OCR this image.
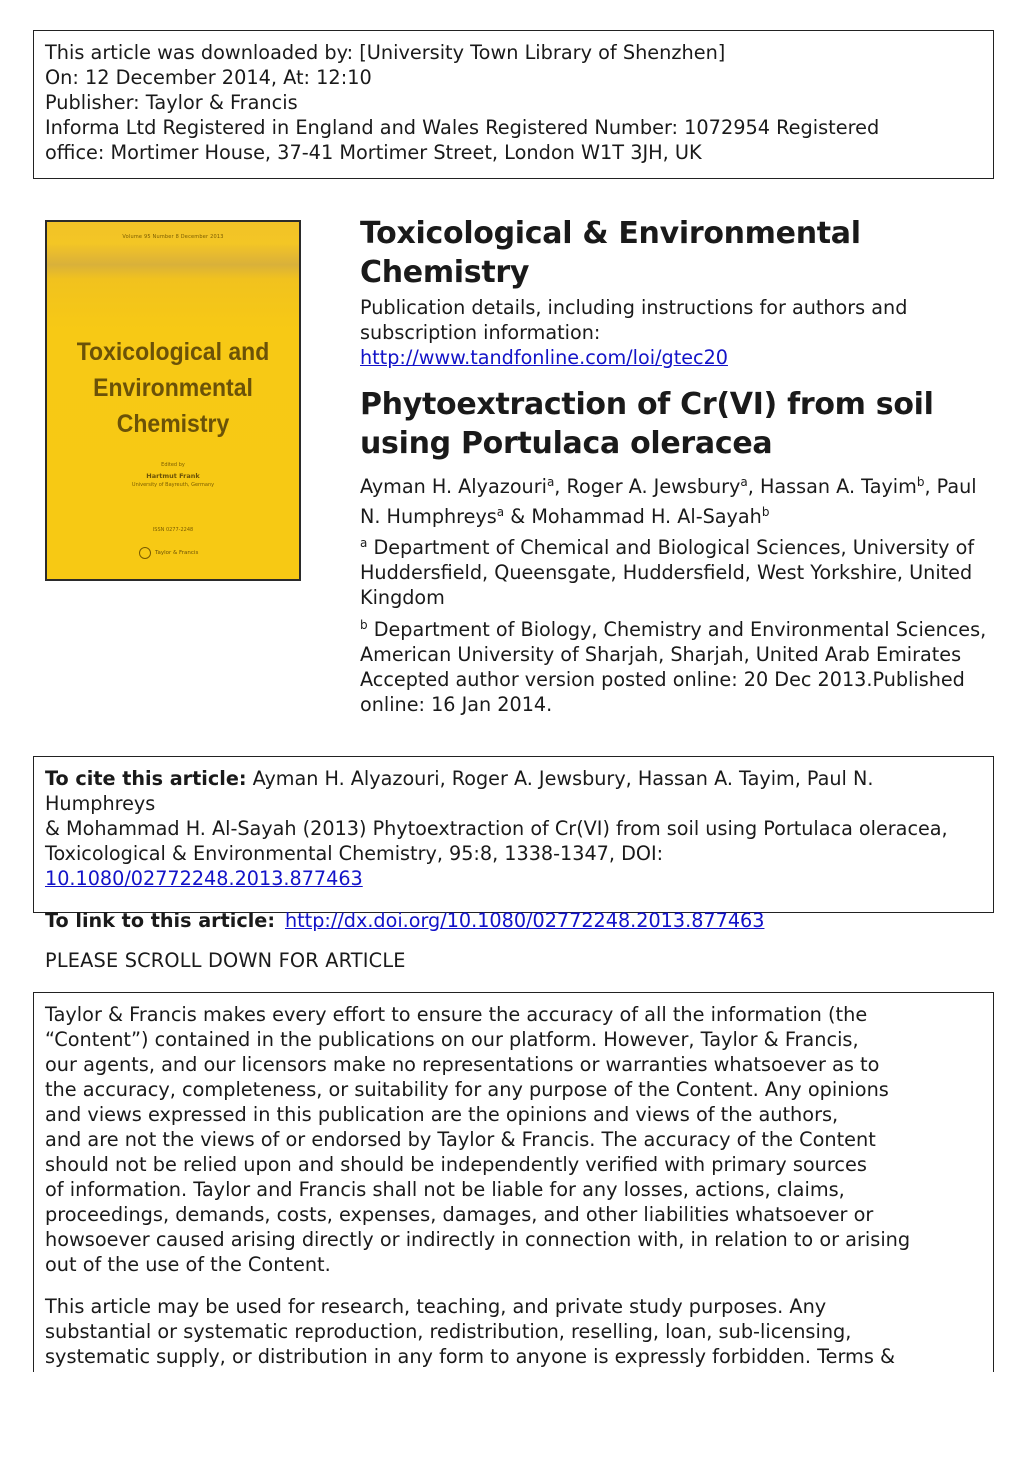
This article was downloaded by: [University Town Library of Shenzhen]
On: 12 December 2014, At: 12:10
Publisher: Taylor & Francis
Informa Ltd Registered in England and Wales Registered Number: 1072954 Registered
office: Mortimer House, 37-41 Mortimer Street, London W1T 3JH, UK
Volume 95 Number 8 December 2013
Toxicological and
Environmental
Chemistry
Edited by
Hartmut Frank
University of Bayreuth, Germany
ISSN 0277-2248
Taylor & Francis
Toxicological & Environmental
Chemistry
Publication details, including instructions for authors and
subscription information:
http://www.tandfonline.com/loi/gtec20
Phytoextraction of Cr(VI) from soil
using Portulaca oleracea
Ayman H. Alyazouri$^a$, Roger A. Jewsbury$^a$, Hassan A. Tayim$^b$, Paul
N. Humphreys$^a$ & Mohammad H. Al-Sayah$^b$
$^a$ Department of Chemical and Biological Sciences, University of
Huddersfield, Queensgate, Huddersfield, West Yorkshire, United
Kingdom
$^b$ Department of Biology, Chemistry and Environmental Sciences,
American University of Sharjah, Sharjah, United Arab Emirates
Accepted author version posted online: 20 Dec 2013.Published
online: 16 Jan 2014.
To cite this article: Ayman H. Alyazouri, Roger A. Jewsbury, Hassan A. Tayim, Paul N. Humphreys
& Mohammad H. Al-Sayah (2013) Phytoextraction of Cr(VI) from soil using Portulaca oleracea,
Toxicological & Environmental Chemistry, 95:8, 1338-1347, DOI: 10.1080/02772248.2013.877463
To link to this article: http://dx.doi.org/10.1080/02772248.2013.877463
PLEASE SCROLL DOWN FOR ARTICLE

Taylor & Francis makes every effort to ensure the accuracy of all the information (the
“Content”) contained in the publications on our platform. However, Taylor & Francis,
our agents, and our licensors make no representations or warranties whatsoever as to
the accuracy, completeness, or suitability for any purpose of the Content. Any opinions
and views expressed in this publication are the opinions and views of the authors,
and are not the views of or endorsed by Taylor & Francis. The accuracy of the Content
should not be relied upon and should be independently verified with primary sources
of information. Taylor and Francis shall not be liable for any losses, actions, claims,
proceedings, demands, costs, expenses, damages, and other liabilities whatsoever or
howsoever caused arising directly or indirectly in connection with, in relation to or arising
out of the use of the Content.

This article may be used for research, teaching, and private study purposes. Any
substantial or systematic reproduction, redistribution, reselling, loan, sub-licensing,
systematic supply, or distribution in any form to anyone is expressly forbidden. Terms &
